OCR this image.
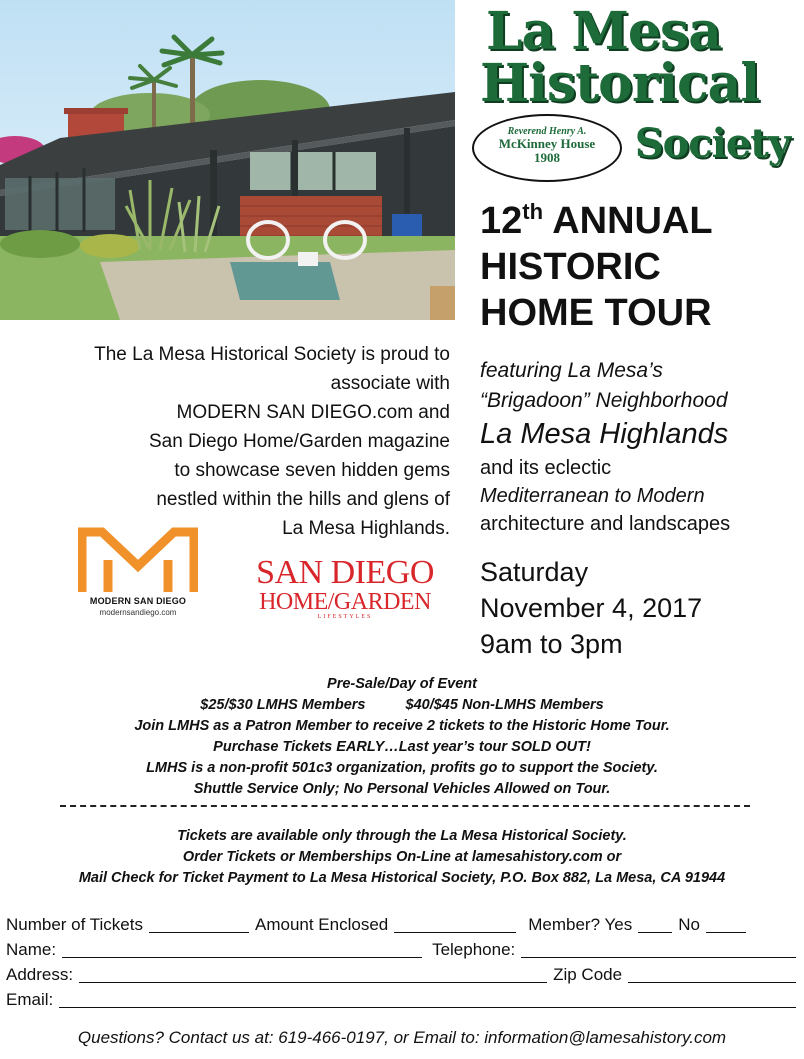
La Mesa
Historical
Reverend Henry A.
McKinney House
1908	Society
12th ANNUAL
HISTORIC
HOME TOUR
featuring La Mesa’s
“Brigadoon” Neighborhood
La Mesa Highlands
and its eclectic
Mediterranean to Modern
architecture and landscapes
Saturday
November 4, 2017
9am to 3pm
The La Mesa Historical Society is proud to
associate with
MODERN SAN DIEGO.com and
San Diego Home/Garden magazine
to showcase seven hidden gems
nestled within the hills and glens of
La Mesa Highlands.
MODERN SAN DIEGO
modernsandiego.com
SAN DIEGO
HOME/GARDEN
LIFESTYLES
Pre-Sale/Day of Event
$25/$30 LMHS Members	$40/$45 Non-LMHS Members
Join LMHS as a Patron Member to receive 2 tickets to the Historic Home Tour.
Purchase Tickets EARLY…Last year’s tour SOLD OUT!
LMHS is a non-profit 501c3 organization, profits go to support the Society.
Shuttle Service Only; No Personal Vehicles Allowed on Tour.
Tickets are available only through the La Mesa Historical Society.
Order Tickets or Memberships On-Line at lamesahistory.com or
Mail Check for Ticket Payment to La Mesa Historical Society, P.O. Box 882, La Mesa, CA 91944
Number of Tickets	Amount Enclosed	Member? Yes	No
Name:	Telephone:
Address:	Zip Code
Email:
Questions? Contact us at: 619-466-0197, or Email to: information@lamesahistory.com
